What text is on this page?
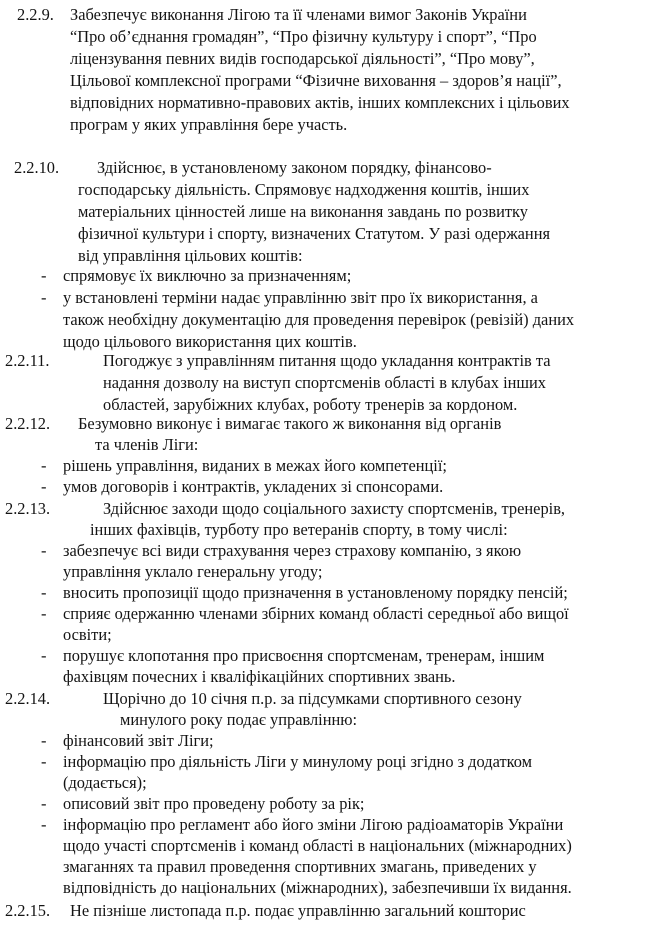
2.2.9. Забезпечує виконання Лігою та її членами вимог Законів України
“Про об’єднання громадян”, “Про фізичну культуру і спорт”, “Про
ліцензування певних видів господарської діяльності”, “Про мову”,
Цільової комплексної програми “Фізичне виховання – здоров’я нації”,
відповідних нормативно-правових актів, інших комплексних і цільових
програм у яких управління бере участь.
2.2.10. Здійснює, в установленому законом порядку, фінансово-
господарську діяльність. Спрямовує надходження коштів, інших
матеріальних цінностей лише на виконання завдань по розвитку
фізичної культури і спорту, визначених Статутом. У разі одержання
від управління цільових коштів:
- спрямовує їх виключно за призначенням;
- у встановлені терміни надає управлінню звіт про їх використання, а
також необхідну документацію для проведення перевірок (ревізій) даних
щодо цільового використання цих коштів.
2.2.11.	Погоджує з управлінням питання щодо укладання контрактів та
надання дозволу на виступ спортсменів області в клубах інших
областей, зарубіжних клубах, роботу тренерів за кордоном.
2.2.12. Безумовно виконує і вимагає такого ж виконання від органів
та членів Ліги:
- рішень управління, виданих в межах його компетенції;
- умов договорів і контрактів, укладених зі спонсорами.
2.2.13.	Здійснює заходи щодо соціального захисту спортсменів, тренерів,
інших фахівців, турботу про ветеранів спорту, в тому числі:
- забезпечує всі види страхування через страхову компанію, з якою
управління уклало генеральну угоду;
- вносить пропозиції щодо призначення в установленому порядку пенсій;
- сприяє одержанню членами збірних команд області середньої або вищої
освіти;
- порушує клопотання про присвоєння спортсменам, тренерам, іншим
фахівцям почесних і кваліфікаційних спортивних звань.
2.2.14.	Щорічно до 10 січня п.р. за підсумками спортивного сезону
минулого року подає управлінню:
- фінансовий звіт Ліги;
- інформацію про діяльність Ліги у минулому році згідно з додатком
(додається);
- описовий звіт про проведену роботу за рік;
- інформацію про регламент або його зміни Лігою радіоаматорів України
щодо участі спортсменів і команд області в національних (міжнародних)
змаганнях та правил проведення спортивних змагань, приведених у
відповідність до національних (міжнародних), забезпечивши їх видання.
2.2.15. Не пізніше листопада п.р. подає управлінню загальний кошторис
